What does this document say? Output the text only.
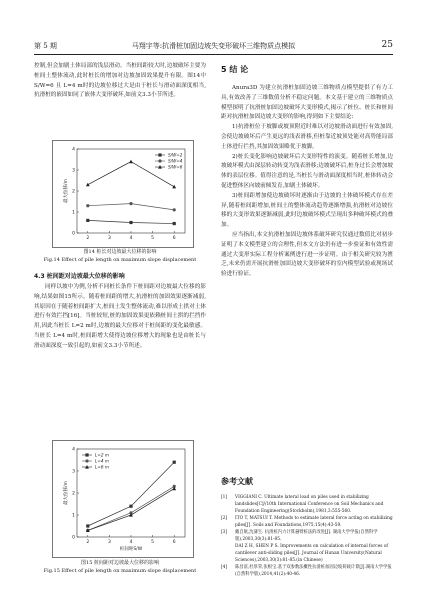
第 5 期	马翔宇等:抗滑桩加固边坡失变形破坏三维物质点模拟	25

控制,但会加剧土体局部的浅层滑动。当桩间距较大时,边坡破坏主要为桩间土整体流动,此时桩长的增加对边坡加固效果提升有限。图14中 S/W=6 且 L=4 m时的边坡位移过大是由于桩长与滑动面深度相当,抗滑桩的嵌固如同了嵌体大变形破坏,如前文3.3小节所述。

0
1
2
3
4
2	3	4	5	6
最大位移/m
S/W=2
S/W=4
S/W=6
图14 桩长对边坡最大位移的影响
Fig.14 Effect of pile length on maximum slope displacement
4.3 桩间距对边坡最大位移的影响

同样以坡中为例,分析不同桩长条件下桩间距对边坡最大位移的影响,结果如图15所示。随着桩间距的增大,抗滑桩的加固效果逐渐减弱,其原因在于随着桩间距扩大,桩间土发生整体流动,难以形成土拱对土体进行有效拦挡[16]。当桩较短,桩的加固效果更依赖桩间土拱的拦挡作用,因此当桩长 L=2 m时,边坡的最大位移对于桩间距的变化最敏感。当桩长 L=4 m时,桩间距增大使得边坡位移增大的现象也是由桩长与滑动面深度一致引起的,如前文3.3小节所述。

0
1
2
3
4
2	3	4	5	6
最大位移/m
桩间距S/W
L=2 m
L=4 m
L=6 m
图15 桩间距对边坡最大位移的影响
Fig.15 Effect of pile length on maximum slope displacement
5 结 论

Anura3D 为建立抗滑桩加固边坡三维物质点模型提供了有力工具,有效改善了三维数值分析不稳定问题。本文基于建立的三维物质点模型探明了抗滑桩加固边坡破坏大变形模式,揭示了桩位、桩长和桩间距对抗滑桩加固边坡大变形的影响,得到如下主要结论:

1)抗滑桩位于坡脚或坡顶附近时难以对边坡滑动面进行有效加固,会使边坡破坏后产生更远的浅表滑移,但桩靠近坡顶处能对高势能局部土体进行拦挡,其加固效果略优于坡脚。

2)桩长变化影响边坡破坏后大变形特性的演变。随着桩长增加,边坡破坏模式由深层转动转变为浅表滑移;边坡破坏后,桩身过长会增加坡体的表层位移。值得注意的是,当桩长与滑动面深度相当时,桩体转动会促进整体区向坡前倾发育,加剧土体破坏。

3)桩间距增加使边坡破坏时逐渐由于边坡的土体破坏模式存在差异,随着桩间距增加,桩间土的整体流动趋势逐渐增强,抗滑桩对边坡位移的大变形效果逐渐减弱,此时边坡破坏模式呈现出多种破坏模式的叠加。

应当指出,本文抗滑桩加固边坡体系破坏研究仅通过数值比对初步证明了本文模型建立的合理性,但本文方法仍有进一步验证和有效性需通过大变形实际工程分析案例进行进一步证明。由于相关研究较为匮乏,未来仍需开展抗滑桩加固边坡大变形破坏的室内模型试验或现场试验进行验证。

参考文献
[1]	VIGGIANI C. Ultimate lateral load on piles used in stabilizing landslides[C]//10th International Conference on Soil Mechanics and Foundation Engineering(Stockholm),1981,3:555-560.
[2]	ITO T, MATSUI T. Methods to estimate lateral force acting on stabilizing piles[J]. Soils and Foundations,1975,15(4):43-59.
[3]	戴自航,沈蒲生. 抗滑桩内力计算悬臂桩法的改进[J]. 湖南大学学报(自然科学版),2003,30(3):81-85.
DAI Z H, SHEN P S. Improvements on calculation of internal forces of cantilever anti-sliding piles[J]. Journal of Hunan University(Natural Sciences),2003,30(3):81-85.(in Chinese)
[4]	陈昌富,杜厚荣,张根宝.基于双参数法概性抗滑桩加固边坡荷载计算[J].湖南大学学报(自然科学版),2014,41(2):40-46.
